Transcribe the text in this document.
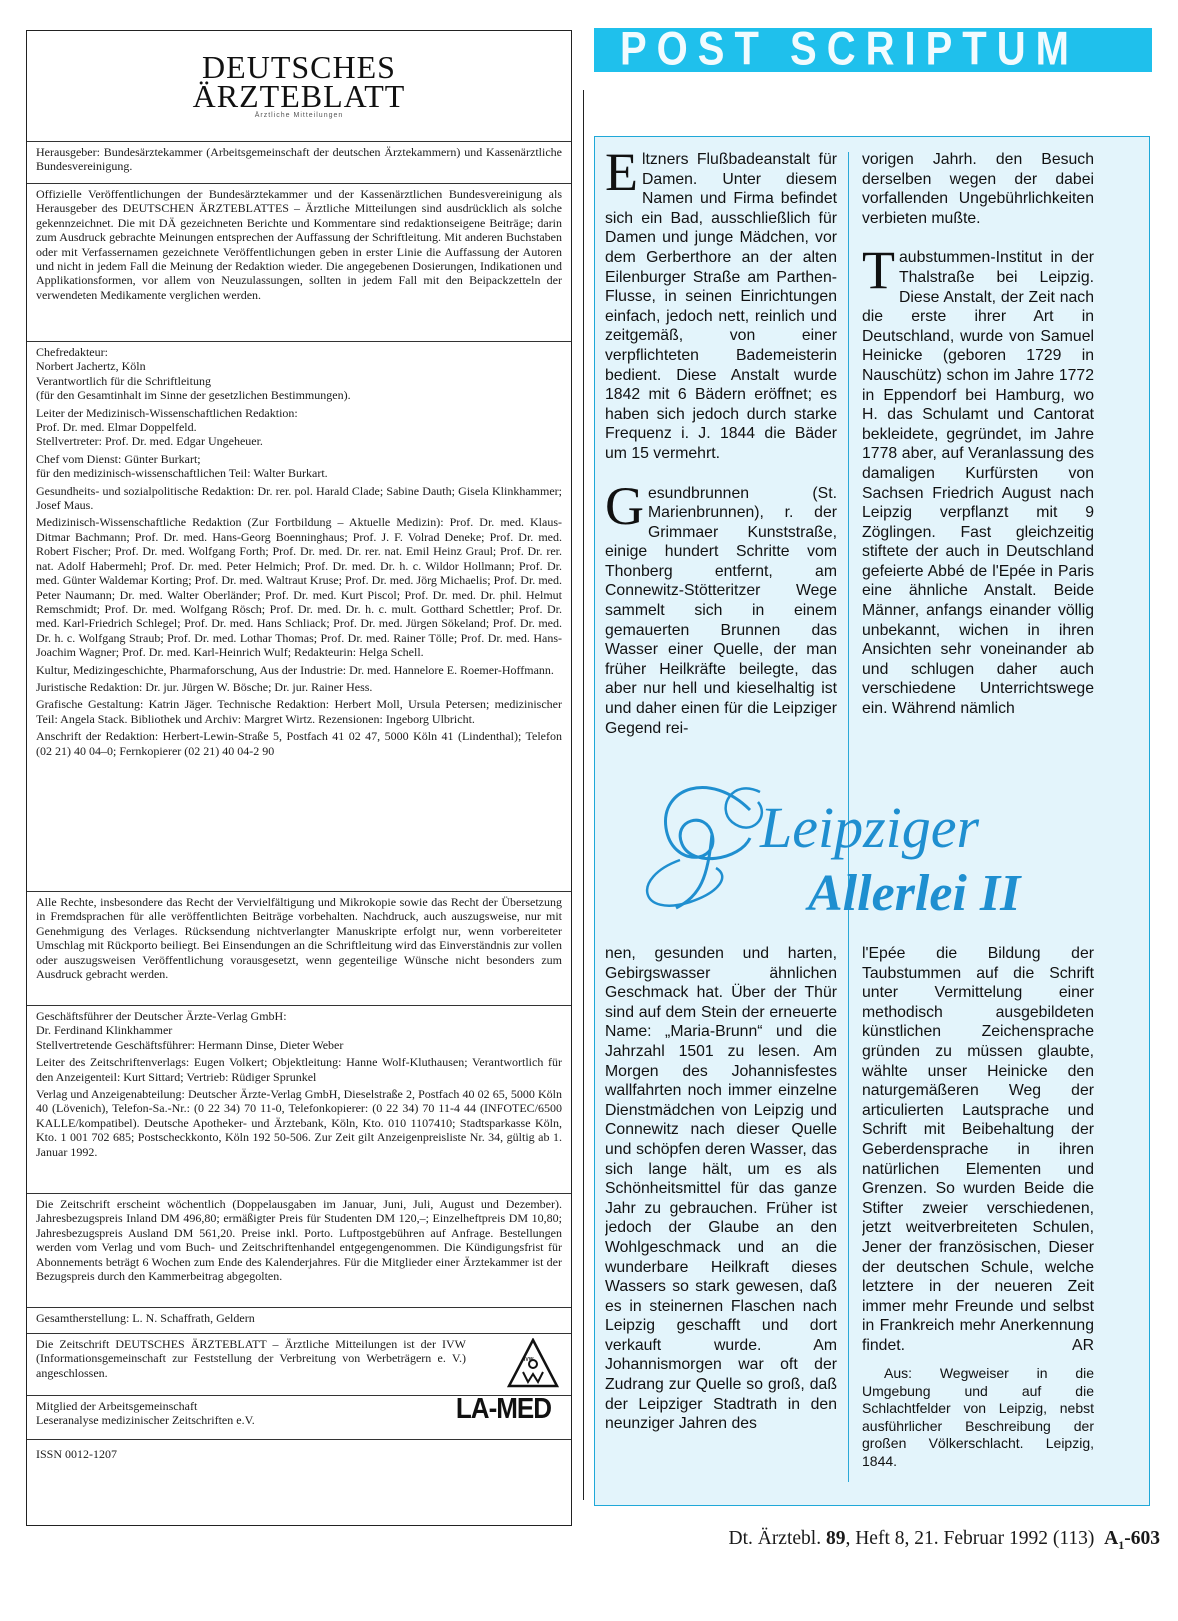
DEUTSCHES
ÄRZTEBLATT
Ärztliche Mitteilungen

Herausgeber: Bundesärztekammer (Arbeitsgemeinschaft der deutschen Ärztekammern) und Kassenärztliche Bundesvereinigung.

Offizielle Veröffentlichungen der Bundesärztekammer und der Kassenärztlichen Bundesvereinigung als Herausgeber des DEUTSCHEN ÄRZTEBLATTES – Ärztliche Mitteilungen sind ausdrücklich als solche gekennzeichnet. Die mit DÄ gezeichneten Berichte und Kommentare sind redaktionseigene Beiträge; darin zum Ausdruck gebrachte Meinungen entsprechen der Auffassung der Schriftleitung. Mit anderen Buchstaben oder mit Verfassernamen gezeichnete Veröffentlichungen geben in erster Linie die Auffassung der Autoren und nicht in jedem Fall die Meinung der Redaktion wieder. Die angegebenen Dosierungen, Indikationen und Applikationsformen, vor allem von Neuzulassungen, sollten in jedem Fall mit den Beipackzetteln der verwendeten Medikamente verglichen werden.

Chefredakteur:
Norbert Jachertz, Köln
Verantwortlich für die Schriftleitung
(für den Gesamtinhalt im Sinne der gesetzlichen Bestimmungen).

Leiter der Medizinisch-Wissenschaftlichen Redaktion:
Prof. Dr. med. Elmar Doppelfeld.
Stellvertreter: Prof. Dr. med. Edgar Ungeheuer.

Chef vom Dienst: Günter Burkart;
für den medizinisch-wissenschaftlichen Teil: Walter Burkart.

Gesundheits- und sozialpolitische Redaktion: Dr. rer. pol. Harald Clade; Sabine Dauth; Gisela Klinkhammer; Josef Maus.

Medizinisch-Wissenschaftliche Redaktion (Zur Fortbildung – Aktuelle Medizin): Prof. Dr. med. Klaus-Ditmar Bachmann; Prof. Dr. med. Hans-Georg Boenninghaus; Prof. J. F. Volrad Deneke; Prof. Dr. med. Robert Fischer; Prof. Dr. med. Wolfgang Forth; Prof. Dr. med. Dr. rer. nat. Emil Heinz Graul; Prof. Dr. rer. nat. Adolf Habermehl; Prof. Dr. med. Peter Helmich; Prof. Dr. med. Dr. h. c. Wildor Hollmann; Prof. Dr. med. Günter Waldemar Korting; Prof. Dr. med. Waltraut Kruse; Prof. Dr. med. Jörg Michaelis; Prof. Dr. med. Peter Naumann; Dr. med. Walter Oberländer; Prof. Dr. med. Kurt Piscol; Prof. Dr. med. Dr. phil. Helmut Remschmidt; Prof. Dr. med. Wolfgang Rösch; Prof. Dr. med. Dr. h. c. mult. Gotthard Schettler; Prof. Dr. med. Karl-Friedrich Schlegel; Prof. Dr. med. Hans Schliack; Prof. Dr. med. Jürgen Sökeland; Prof. Dr. med. Dr. h. c. Wolfgang Straub; Prof. Dr. med. Lothar Thomas; Prof. Dr. med. Rainer Tölle; Prof. Dr. med. Hans-Joachim Wagner; Prof. Dr. med. Karl-Heinrich Wulf; Redakteurin: Helga Schell.

Kultur, Medizingeschichte, Pharmaforschung, Aus der Industrie: Dr. med. Hannelore E. Roemer-Hoffmann.

Juristische Redaktion: Dr. jur. Jürgen W. Bösche; Dr. jur. Rainer Hess.

Grafische Gestaltung: Katrin Jäger. Technische Redaktion: Herbert Moll, Ursula Petersen; medizinischer Teil: Angela Stack. Bibliothek und Archiv: Margret Wirtz. Rezensionen: Ingeborg Ulbricht.

Anschrift der Redaktion: Herbert-Lewin-Straße 5, Postfach 41 02 47, 5000 Köln 41 (Lindenthal); Telefon (02 21) 40 04–0; Fernkopierer (02 21) 40 04-2 90

Alle Rechte, insbesondere das Recht der Vervielfältigung und Mikrokopie sowie das Recht der Übersetzung in Fremdsprachen für alle veröffentlichten Beiträge vorbehalten. Nachdruck, auch auszugsweise, nur mit Genehmigung des Verlages. Rücksendung nichtverlangter Manuskripte erfolgt nur, wenn vorbereiteter Umschlag mit Rückporto beiliegt. Bei Einsendungen an die Schriftleitung wird das Einverständnis zur vollen oder auszugsweisen Veröffentlichung vorausgesetzt, wenn gegenteilige Wünsche nicht besonders zum Ausdruck gebracht werden.

Geschäftsführer der Deutscher Ärzte-Verlag GmbH:
Dr. Ferdinand Klinkhammer
Stellvertretende Geschäftsführer: Hermann Dinse, Dieter Weber

Leiter des Zeitschriftenverlags: Eugen Volkert; Objektleitung: Hanne Wolf-Kluthausen; Verantwortlich für den Anzeigenteil: Kurt Sittard; Vertrieb: Rüdiger Sprunkel

Verlag und Anzeigenabteilung: Deutscher Ärzte-Verlag GmbH, Dieselstraße 2, Postfach 40 02 65, 5000 Köln 40 (Lövenich), Telefon-Sa.-Nr.: (0 22 34) 70 11-0, Telefonkopierer: (0 22 34) 70 11-4 44 (INFOTEC/6500 KALLE/kompatibel). Deutsche Apotheker- und Ärztebank, Köln, Kto. 010 1107410; Stadtsparkasse Köln, Kto. 1 001 702 685; Postscheckkonto, Köln 192 50-506. Zur Zeit gilt Anzeigenpreisliste Nr. 34, gültig ab 1. Januar 1992.

Die Zeitschrift erscheint wöchentlich (Doppelausgaben im Januar, Juni, Juli, August und Dezember). Jahresbezugspreis Inland DM 496,80; ermäßigter Preis für Studenten DM 120,–; Einzelheftpreis DM 10,80; Jahresbezugspreis Ausland DM 561,20. Preise inkl. Porto. Luftpostgebühren auf Anfrage. Bestellungen werden vom Verlag und vom Buch- und Zeitschriftenhandel entgegengenommen. Die Kündigungsfrist für Abonnements beträgt 6 Wochen zum Ende des Kalenderjahres. Für die Mitglieder einer Ärztekammer ist der Bezugspreis durch den Kammerbeitrag abgegolten.

Gesamtherstellung: L. N. Schaffrath, Geldern

Die Zeitschrift DEUTSCHES ÄRZTEBLATT – Ärztliche Mitteilungen ist der IVW (Informationsgemeinschaft zur Feststellung der Verbreitung von Werbeträgern e. V.) angeschlossen.

IVW

Mitglied der Arbeitsgemeinschaft
Leseranalyse medizinischer Zeitschriften e.V.	LA-MED

ISSN 0012-1207

POST SCRIPTUM

Eltzners Flußbadeanstalt für Damen. Unter diesem Namen und Firma befindet sich ein Bad, ausschließlich für Damen und junge Mädchen, vor dem Gerberthore an der alten Eilenburger Straße am Parthen-Flusse, in seinen Einrichtungen einfach, jedoch nett, reinlich und zeitgemäß, von einer verpflichteten Bademeisterin bedient. Diese Anstalt wurde 1842 mit 6 Bädern eröffnet; es haben sich jedoch durch starke Frequenz i. J. 1844 die Bäder um 15 vermehrt.

Gesundbrunnen (St. Marienbrunnen), r. der Grimmaer Kunststraße, einige hundert Schritte vom Thonberg entfernt, am Connewitz-Stötteritzer Wege sammelt sich in einem gemauerten Brunnen das Wasser einer Quelle, der man früher Heilkräfte beilegte, das aber nur hell und kieselhaltig ist und daher einen für die Leipziger Gegend rei-

vorigen Jahrh. den Besuch derselben wegen der dabei vorfallenden Ungebührlichkeiten verbieten mußte.

Taubstummen-Institut in der Thalstraße bei Leipzig. Diese Anstalt, der Zeit nach die erste ihrer Art in Deutschland, wurde von Samuel Heinicke (geboren 1729 in Nauschütz) schon im Jahre 1772 in Eppendorf bei Hamburg, wo H. das Schulamt und Cantorat bekleidete, gegründet, im Jahre 1778 aber, auf Veranlassung des damaligen Kurfürsten von Sachsen Friedrich August nach Leipzig verpflanzt mit 9 Zöglingen. Fast gleichzeitig stiftete der auch in Deutschland gefeierte Abbé de l'Epée in Paris eine ähnliche Anstalt. Beide Männer, anfangs einander völlig unbekannt, wichen in ihren Ansichten sehr voneinander ab und schlugen daher auch verschiedene Unterrichtswege ein. Während nämlich

Leipziger
Allerlei II

nen, gesunden und harten, Gebirgswasser ähnlichen Geschmack hat. Über der Thür sind auf dem Stein der erneuerte Name: „Maria-Brunn“ und die Jahrzahl 1501 zu lesen. Am Morgen des Johannisfestes wallfahrten noch immer einzelne Dienstmädchen von Leipzig und Connewitz nach dieser Quelle und schöpfen deren Wasser, das sich lange hält, um es als Schönheitsmittel für das ganze Jahr zu gebrauchen. Früher ist jedoch der Glaube an den Wohlgeschmack und an die wunderbare Heilkraft dieses Wassers so stark gewesen, daß es in steinernen Flaschen nach Leipzig geschafft und dort verkauft wurde. Am Johannismorgen war oft der Zudrang zur Quelle so groß, daß der Leipziger Stadtrath in den neunziger Jahren des

l'Epée die Bildung der Taubstummen auf die Schrift unter Vermittelung einer methodisch ausgebildeten künstlichen Zeichensprache gründen zu müssen glaubte, wählte unser Heinicke den naturgemäßeren Weg der articulierten Lautsprache und Schrift mit Beibehaltung der Geberdensprache in ihren natürlichen Elementen und Grenzen. So wurden Beide die Stifter zweier verschiedenen, jetzt weitverbreiteten Schulen, Jener der französischen, Dieser der deutschen Schule, welche letztere in der neueren Zeit immer mehr Freunde und selbst in Frankreich mehr Anerkennung findet.	AR

Aus: Wegweiser in die Umgebung und auf die Schlachtfelder von Leipzig, nebst ausführlicher Beschreibung der großen Völkerschlacht. Leipzig, 1844.

Dt. Ärztebl. 89, Heft 8, 21. Februar 1992 (113) $A_1-603$
